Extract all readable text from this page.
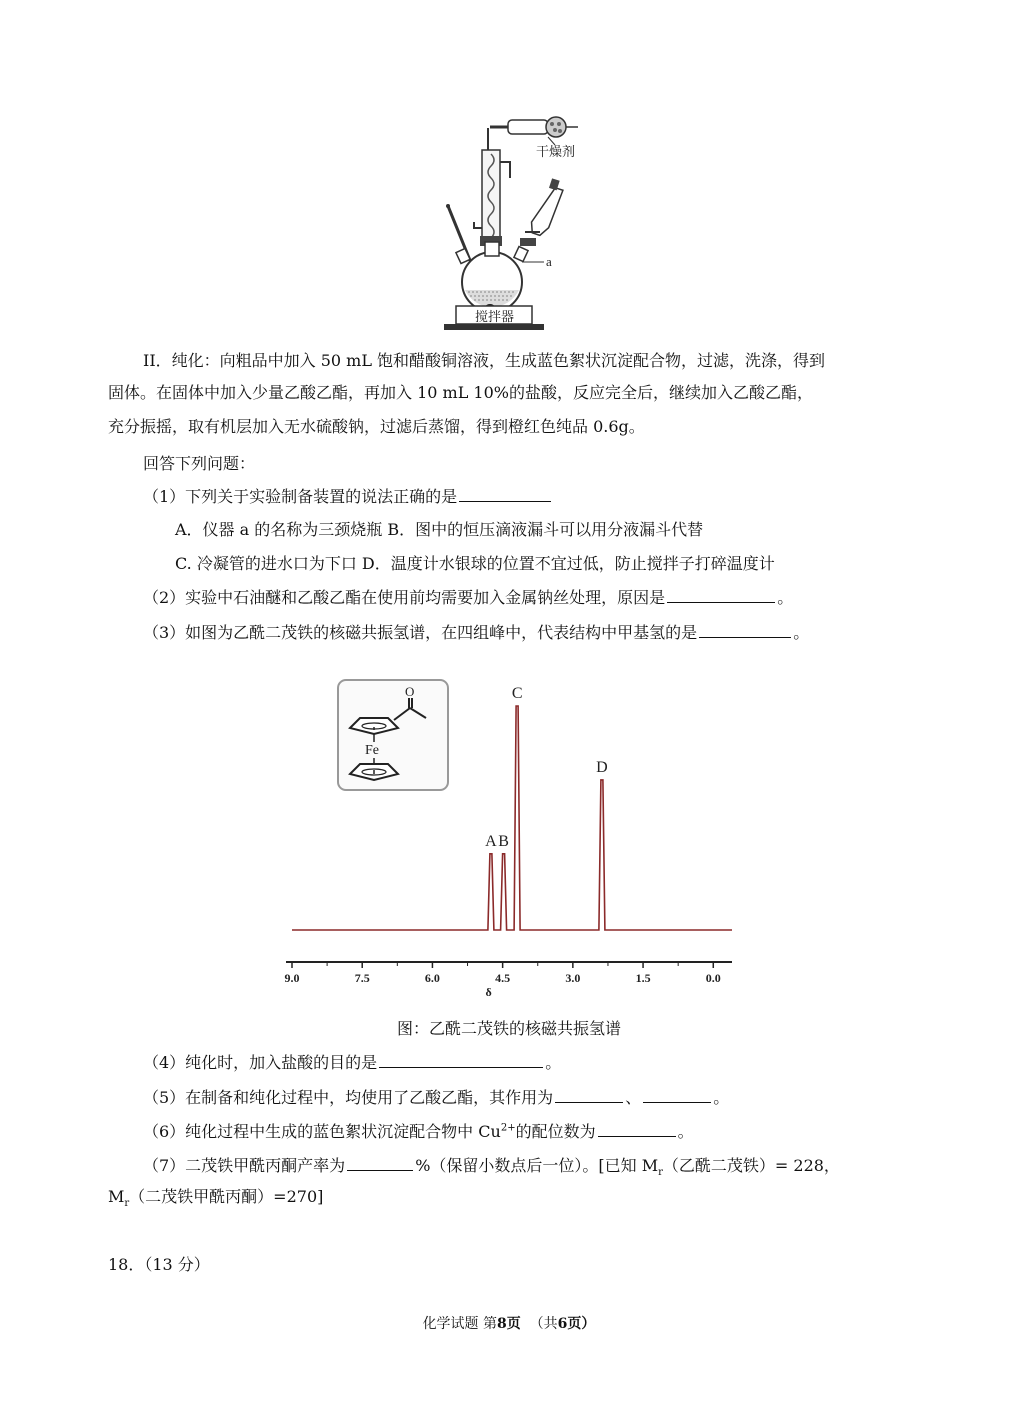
干燥剂
a
搅拌器
II．纯化：向粗品中加入 50 mL 饱和醋酸铜溶液，生成蓝色絮状沉淀配合物，过滤，洗涤，得到
固体。在固体中加入少量乙酸乙酯，再加入 10 mL 10%的盐酸，反应完全后，继续加入乙酸乙酯，
充分振摇，取有机层加入无水硫酸钠，过滤后蒸馏，得到橙红色纯品 0.6g。
回答下列问题：
（1）下列关于实验制备装置的说法正确的是
A．仪器 a 的名称为三颈烧瓶 B．图中的恒压滴液漏斗可以用分液漏斗代替
C. 冷凝管的进水口为下口 D．温度计水银球的位置不宜过低，防止搅拌子打碎温度计
（2）实验中石油醚和乙酸乙酯在使用前均需要加入金属钠丝处理，原因是	。
（3）如图为乙酰二茂铁的核磁共振氢谱，在四组峰中，代表结构中甲基氢的是	。
O
Fe
A B
C
D
9.0	7.5	6.0	4.5	3.0	1.5	0.0
δ
图：乙酰二茂铁的核磁共振氢谱
（4）纯化时，加入盐酸的目的是	。
（5）在制备和纯化过程中，均使用了乙酸乙酯，其作用为	、	。
（6）纯化过程中生成的蓝色絮状沉淀配合物中 $Cu^{2+}$的配位数为	。
（7）二茂铁甲酰丙酮产率为	%（保留小数点后一位）。[已知 $M_r$（乙酰二茂铁）= 228，
$M_r$（二茂铁甲酰丙酮）=270]
18．（13 分）
化学试题 第8页 （共6页）
